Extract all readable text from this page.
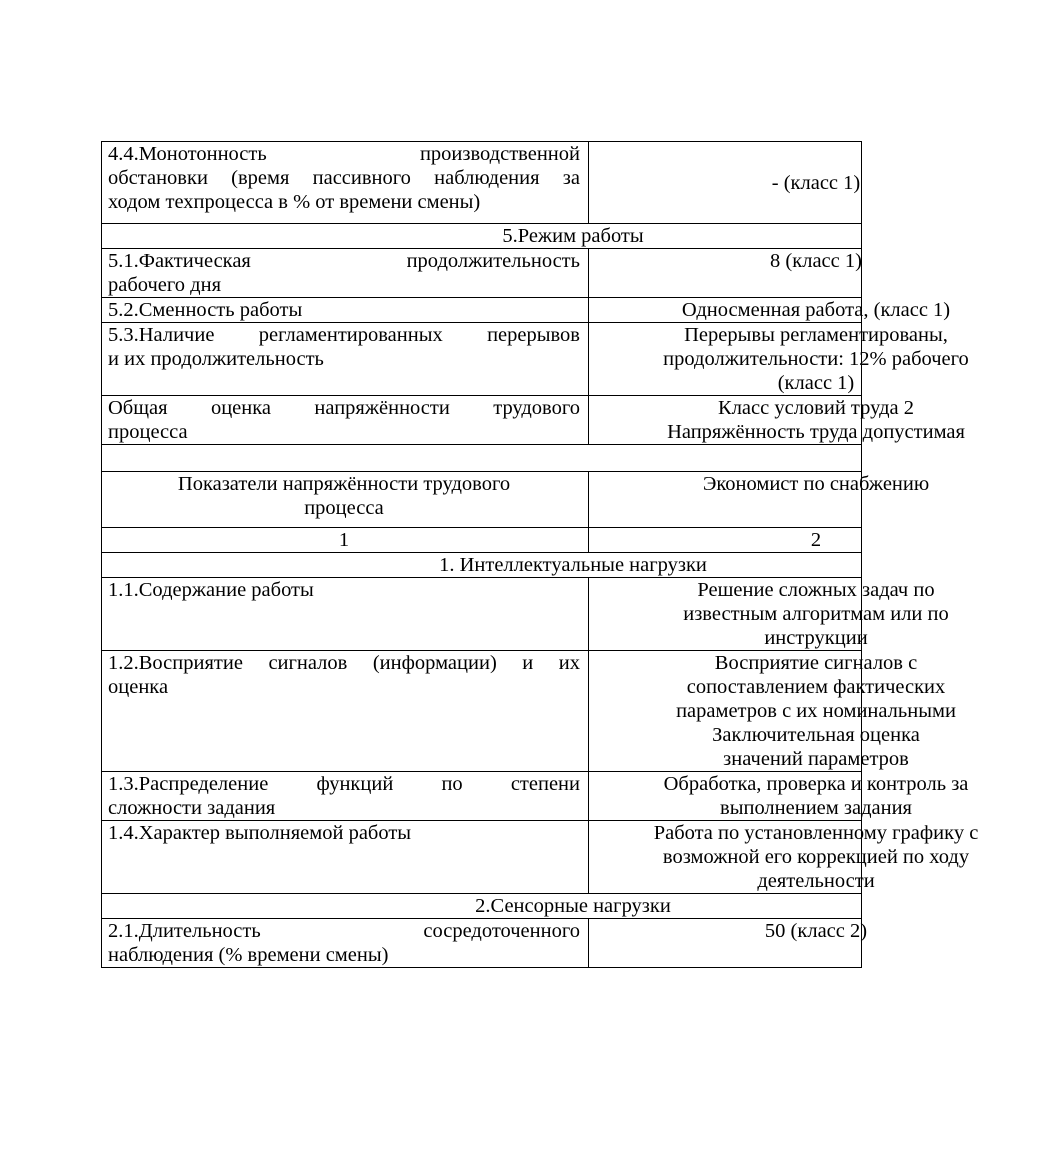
4.4.Монотонность производственной
обстановки (время пассивного наблюдения за
ходом техпроцесса в % от времени смены)	- (класс 1)

5.Режим работы	

5.1.Фактическая продолжительность
рабочего дня	8 (класс 1)

5.2.Сменность работы	Односменная работа, (класс 1)

5.3.Наличие регламентированных перерывов
и их продолжительность	Перерывы регламентированы,
продолжительности: 12% рабочего
(класс 1)

Общая оценка напряжённости трудового
процесса	Класс условий труда 2
Напряжённость труда допустимая

Показатели напряжённости трудового
процесса	Экономист по снабжению

1	2

1. Интеллектуальные нагрузки	

1.1.Содержание работы	Решение сложных задач по
известным алгоритмам или по
инструкции

1.2.Восприятие сигналов (информации) и их
оценка	Восприятие сигналов с
сопоставлением фактических
параметров с их номинальными
Заключительная оценка
значений параметров

1.3.Распределение функций по степени
сложности задания	Обработка, проверка и контроль за
выполнением задания

1.4.Характер выполняемой работы	Работа по установленному графику с
возможной его коррекцией по ходу
деятельности

2.Сенсорные нагрузки	

2.1.Длительность сосредоточенного
наблюдения (% времени смены)	50 (класс 2)
